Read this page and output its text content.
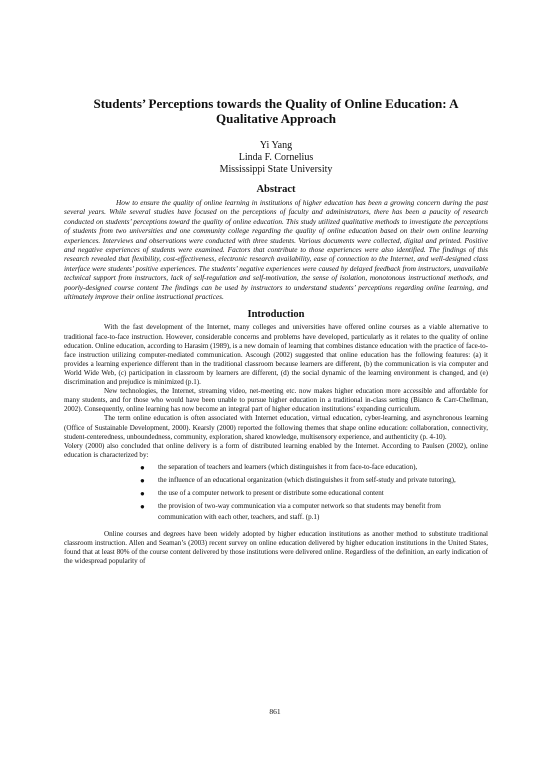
Students’ Perceptions towards the Quality of Online Education: A Qualitative Approach
Yi Yang
Linda F. Cornelius
Mississippi State University
Abstract

How to ensure the quality of online learning in institutions of higher education has been a growing concern during the past several years. While several studies have focused on the perceptions of faculty and administrators, there has been a paucity of research conducted on students’ perceptions toward the quality of online education. This study utilized qualitative methods to investigate the perceptions of students from two universities and one community college regarding the quality of online education based on their own online learning experiences. Interviews and observations were conducted with three students. Various documents were collected, digital and printed. Positive and negative experiences of students were examined. Factors that contribute to those experiences were also identified. The findings of this research revealed that flexibility, cost-effectiveness, electronic research availability, ease of connection to the Internet, and well-designed class interface were students’ positive experiences. The students’ negative experiences were caused by delayed feedback from instructors, unavailable technical support from instructors, lack of self-regulation and self-motivation, the sense of isolation, monotonous instructional methods, and poorly-designed course content The findings can be used by instructors to understand students’ perceptions regarding online learning, and ultimately improve their online instructional practices.

Introduction

With the fast development of the Internet, many colleges and universities have offered online courses as a viable alternative to traditional face-to-face instruction. However, considerable concerns and problems have developed, particularly as it relates to the quality of online education. Online education, according to Harasim (1989), is a new domain of learning that combines distance education with the practice of face-to-face instruction utilizing computer-mediated communication. Ascough (2002) suggested that online education has the following features: (a) it provides a learning experience different than in the traditional classroom because learners are different, (b) the communication is via computer and World Wide Web, (c) participation in classroom by learners are different, (d) the social dynamic of the learning environment is changed, and (e) discrimination and prejudice is minimized (p.1).

New technologies, the Internet, streaming video, net-meeting etc. now makes higher education more accessible and affordable for many students, and for those who would have been unable to pursue higher education in a traditional in-class setting (Bianco & Carr-Chellman, 2002). Consequently, online learning has now become an integral part of higher education institutions’ expanding curriculum.

The term online education is often associated with Internet education, virtual education, cyber-learning, and asynchronous learning (Office of Sustainable Development, 2000). Kearsly (2000) reported the following themes that shape online education: collaboration, connectivity, student-centeredness, unboundedness, community, exploration, shared knowledge, multisensory experience, and authenticity (p. 4-10).

Volery (2000) also concluded that online delivery is a form of distributed learning enabled by the Internet. According to Paulsen (2002), online education is characterized by:

● the separation of teachers and learners (which distinguishes it from face-to-face education),
● the influence of an educational organization (which distinguishes it from self-study and private tutoring),
● the use of a computer network to present or distribute some educational content
● the provision of two-way communication via a computer network so that students may benefit from communication with each other, teachers, and staff. (p.1)

Online courses and degrees have been widely adopted by higher education institutions as another method to substitute traditional classroom instruction. Allen and Seaman’s (2003) recent survey on online education delivered by higher education institutions in the United States, found that at least 80% of the course content delivered by those institutions were delivered online. Regardless of the definition, an early indication of the widespread popularity of

861
